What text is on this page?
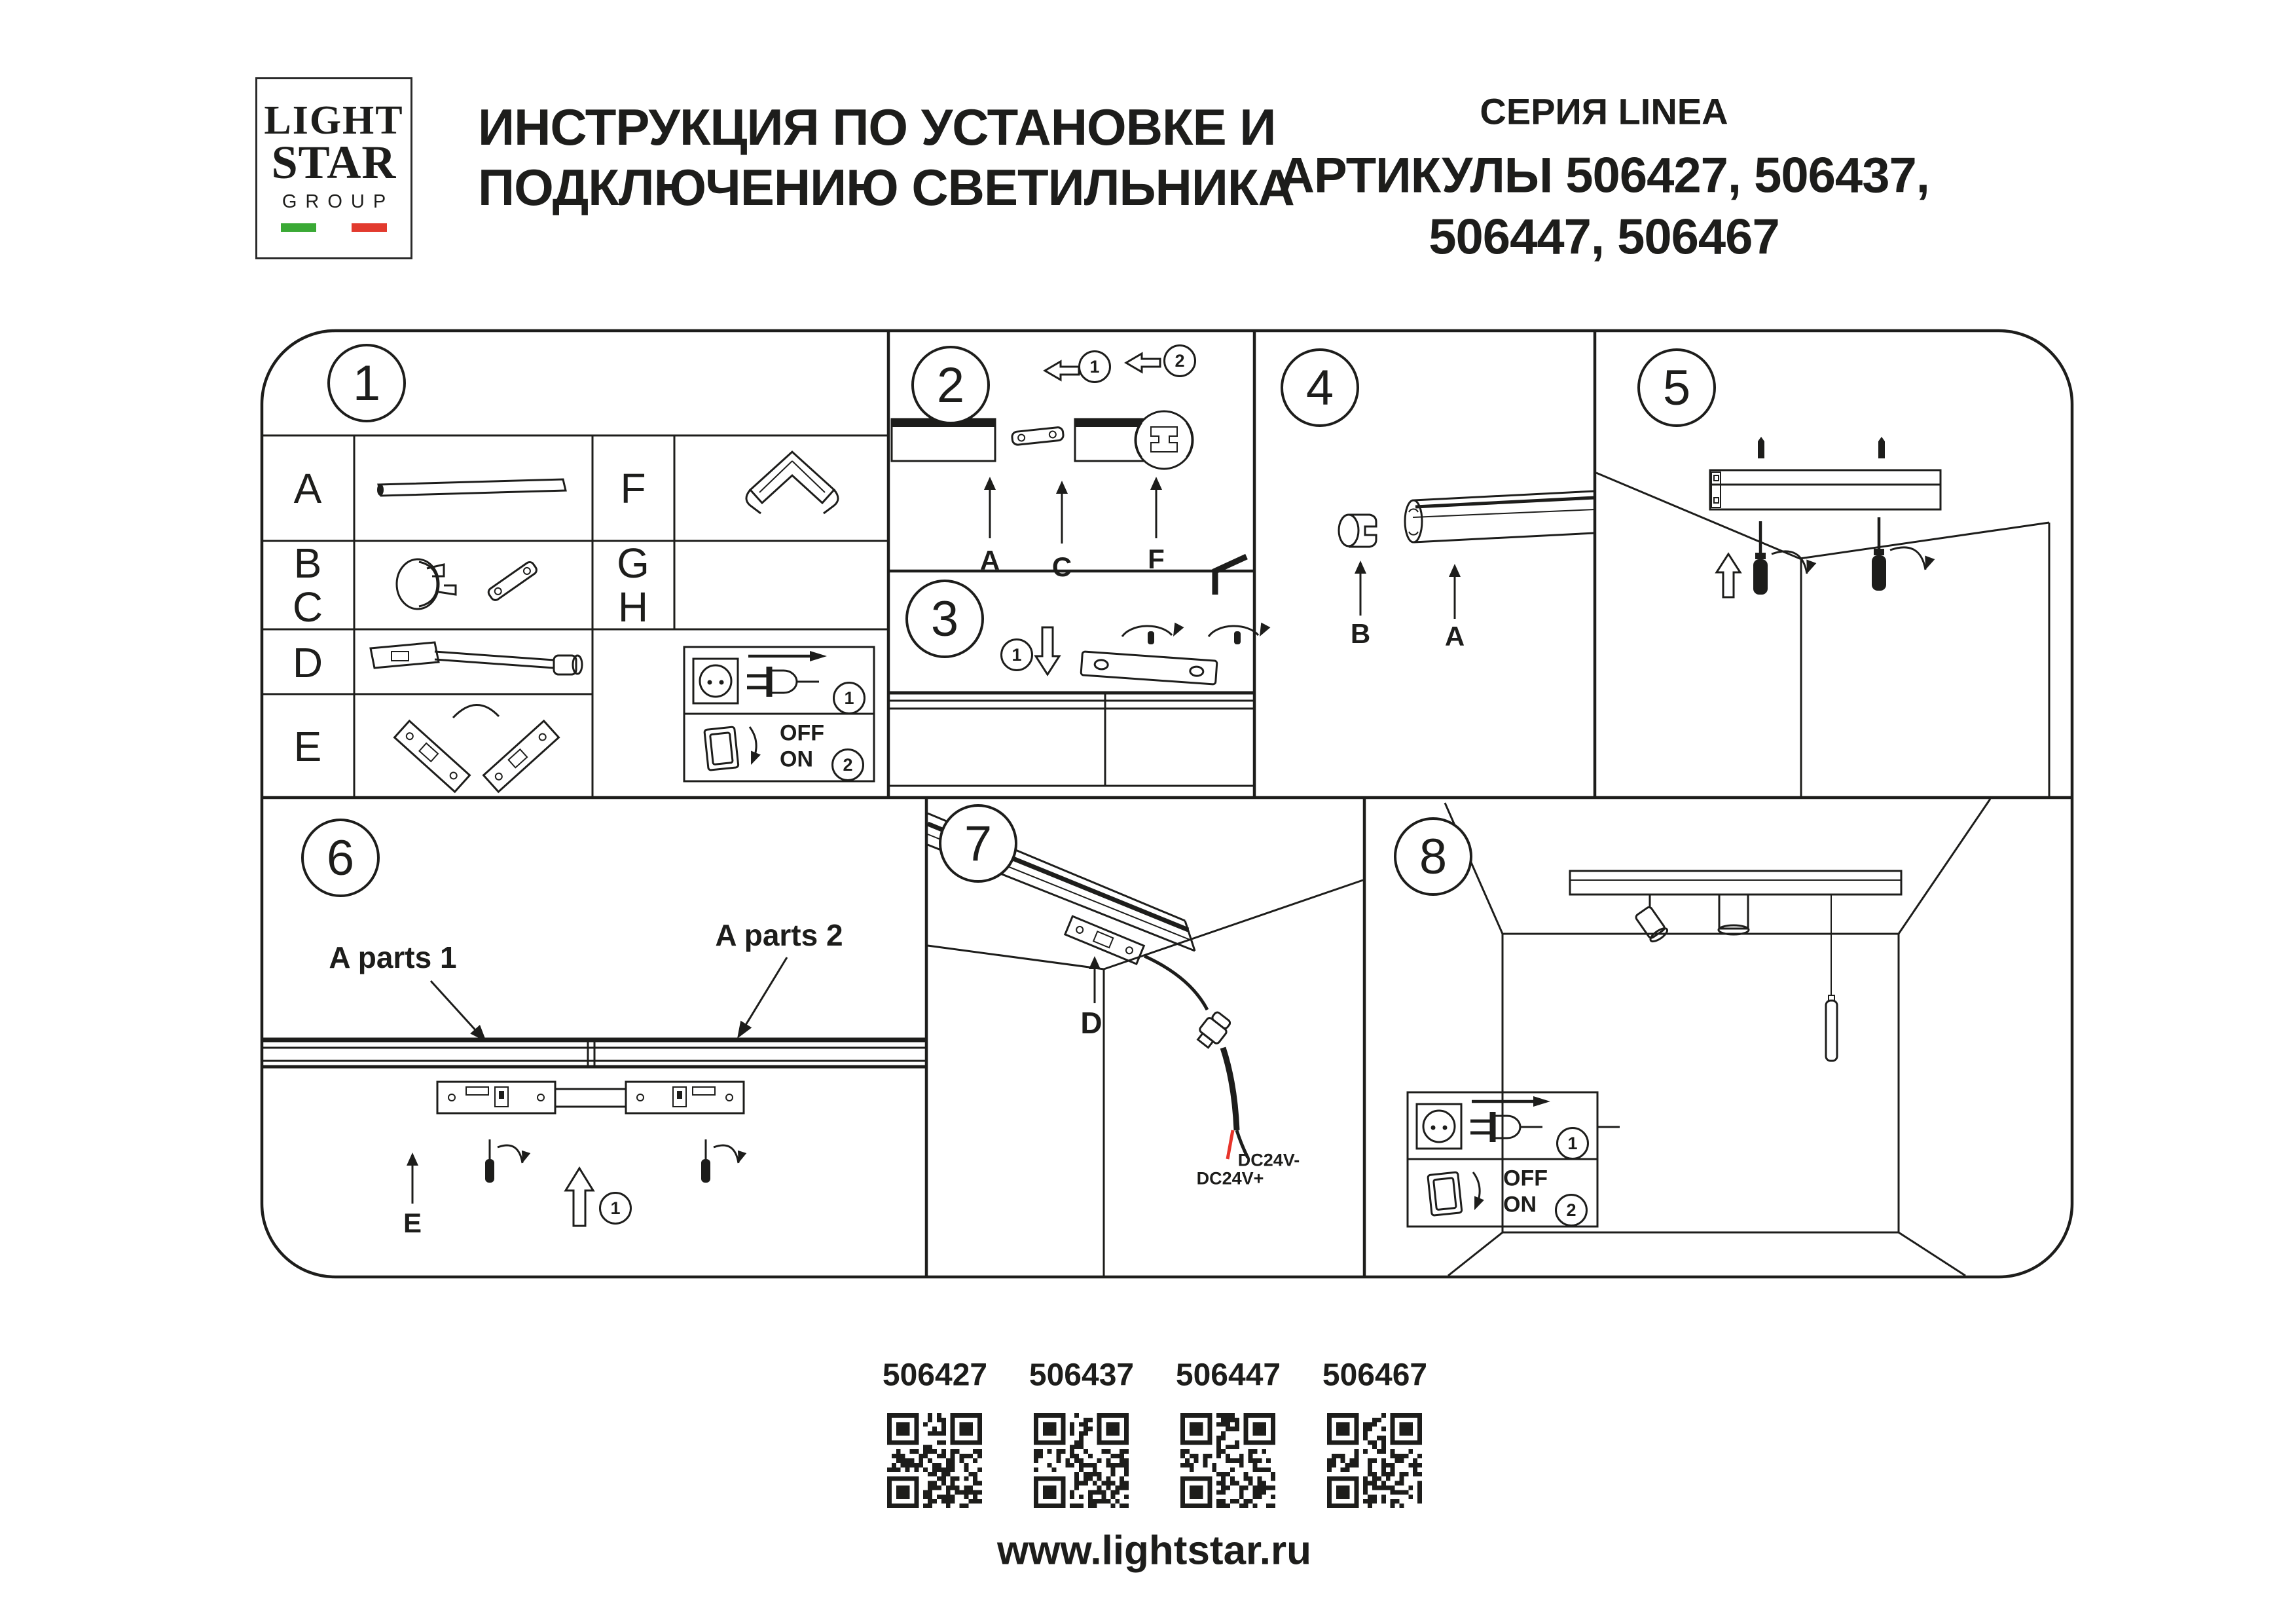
LIGHT
STAR
GROUP
ИНСТРУКЦИЯ ПО УСТАНОВКЕ И
ПОДКЛЮЧЕНИЮ СВЕТИЛЬНИКА
СЕРИЯ LINEA
АРТИКУЛЫ 506427, 506437,
506447, 506467
1	2
3
4	5
6	7	8
A
B
C
D
E
F
G
H
1
2
OFF
ON
1	2
A C	F
1
B	A
A parts 1
A parts 2
E	1
D
DC24V-
DC24V+
1
2
OFF
ON
506427 506437 506447 506467
www.lightstar.ru
